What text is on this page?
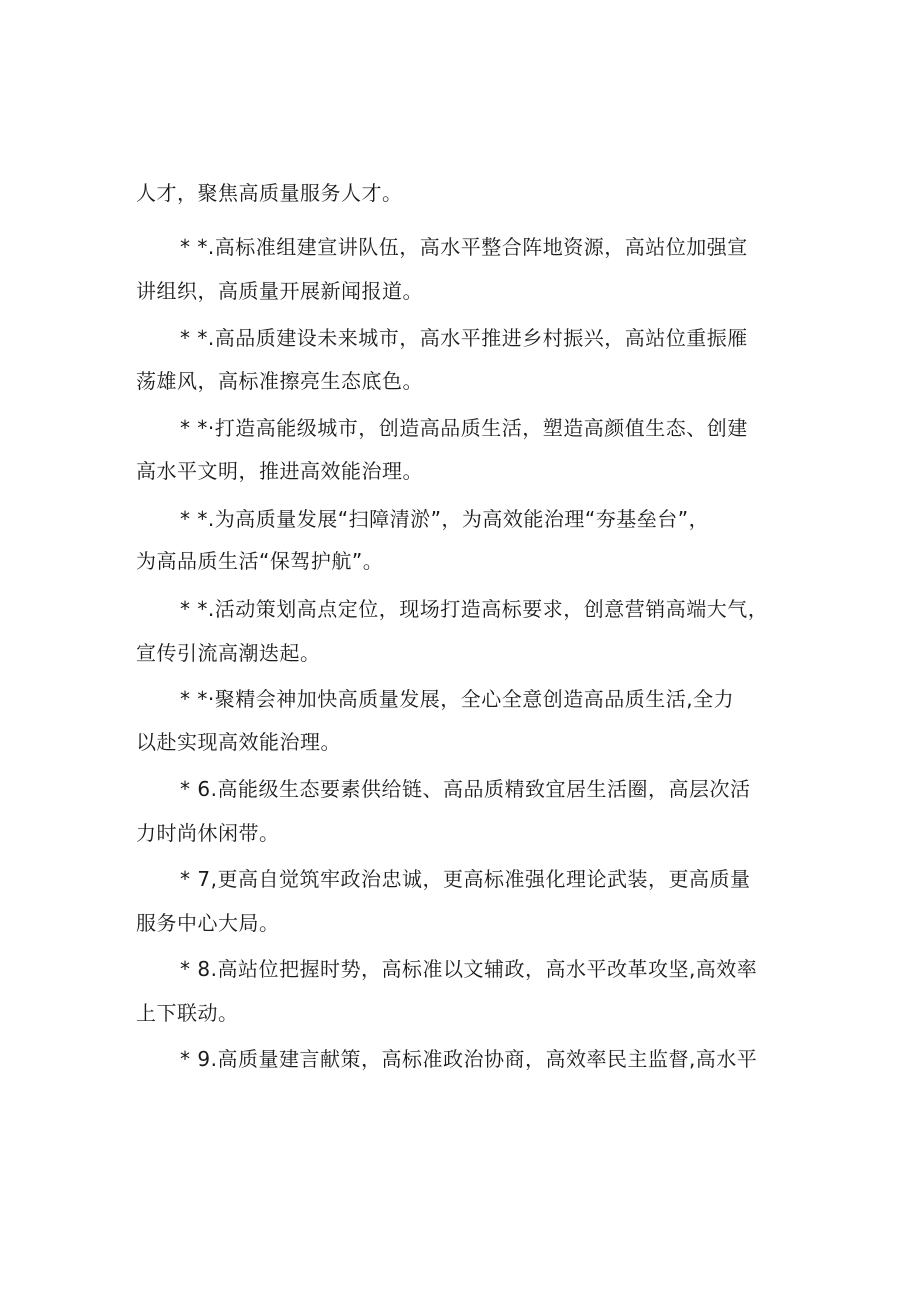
人才，聚焦高质量服务人才。
* *.高标准组建宣讲队伍，高水平整合阵地资源，高站位加强宣
讲组织，高质量开展新闻报道。
* *.高品质建设未来城市，高水平推进乡村振兴，高站位重振雁
荡雄风，高标准擦亮生态底色。
* *·打造高能级城市，创造高品质生活，塑造高颜值生态、创建
高水平文明，推进高效能治理。
* *.为高质量发展“扫障清淤”，为高效能治理“夯基垒台”，
为高品质生活“保驾护航”。
* *.活动策划高点定位，现场打造高标要求，创意营销高端大气，
宣传引流高潮迭起。
* *·聚精会神加快高质量发展，全心全意创造高品质生活,全力
以赴实现高效能治理。
* 6.高能级生态要素供给链、高品质精致宜居生活圈，高层次活
力时尚休闲带。
* 7,更高自觉筑牢政治忠诚，更高标准强化理论武装，更高质量
服务中心大局。
* 8.高站位把握时势，高标准以文辅政，高水平改革攻坚,高效率
上下联动。
* 9.高质量建言献策，高标准政治协商，高效率民主监督,高水平
